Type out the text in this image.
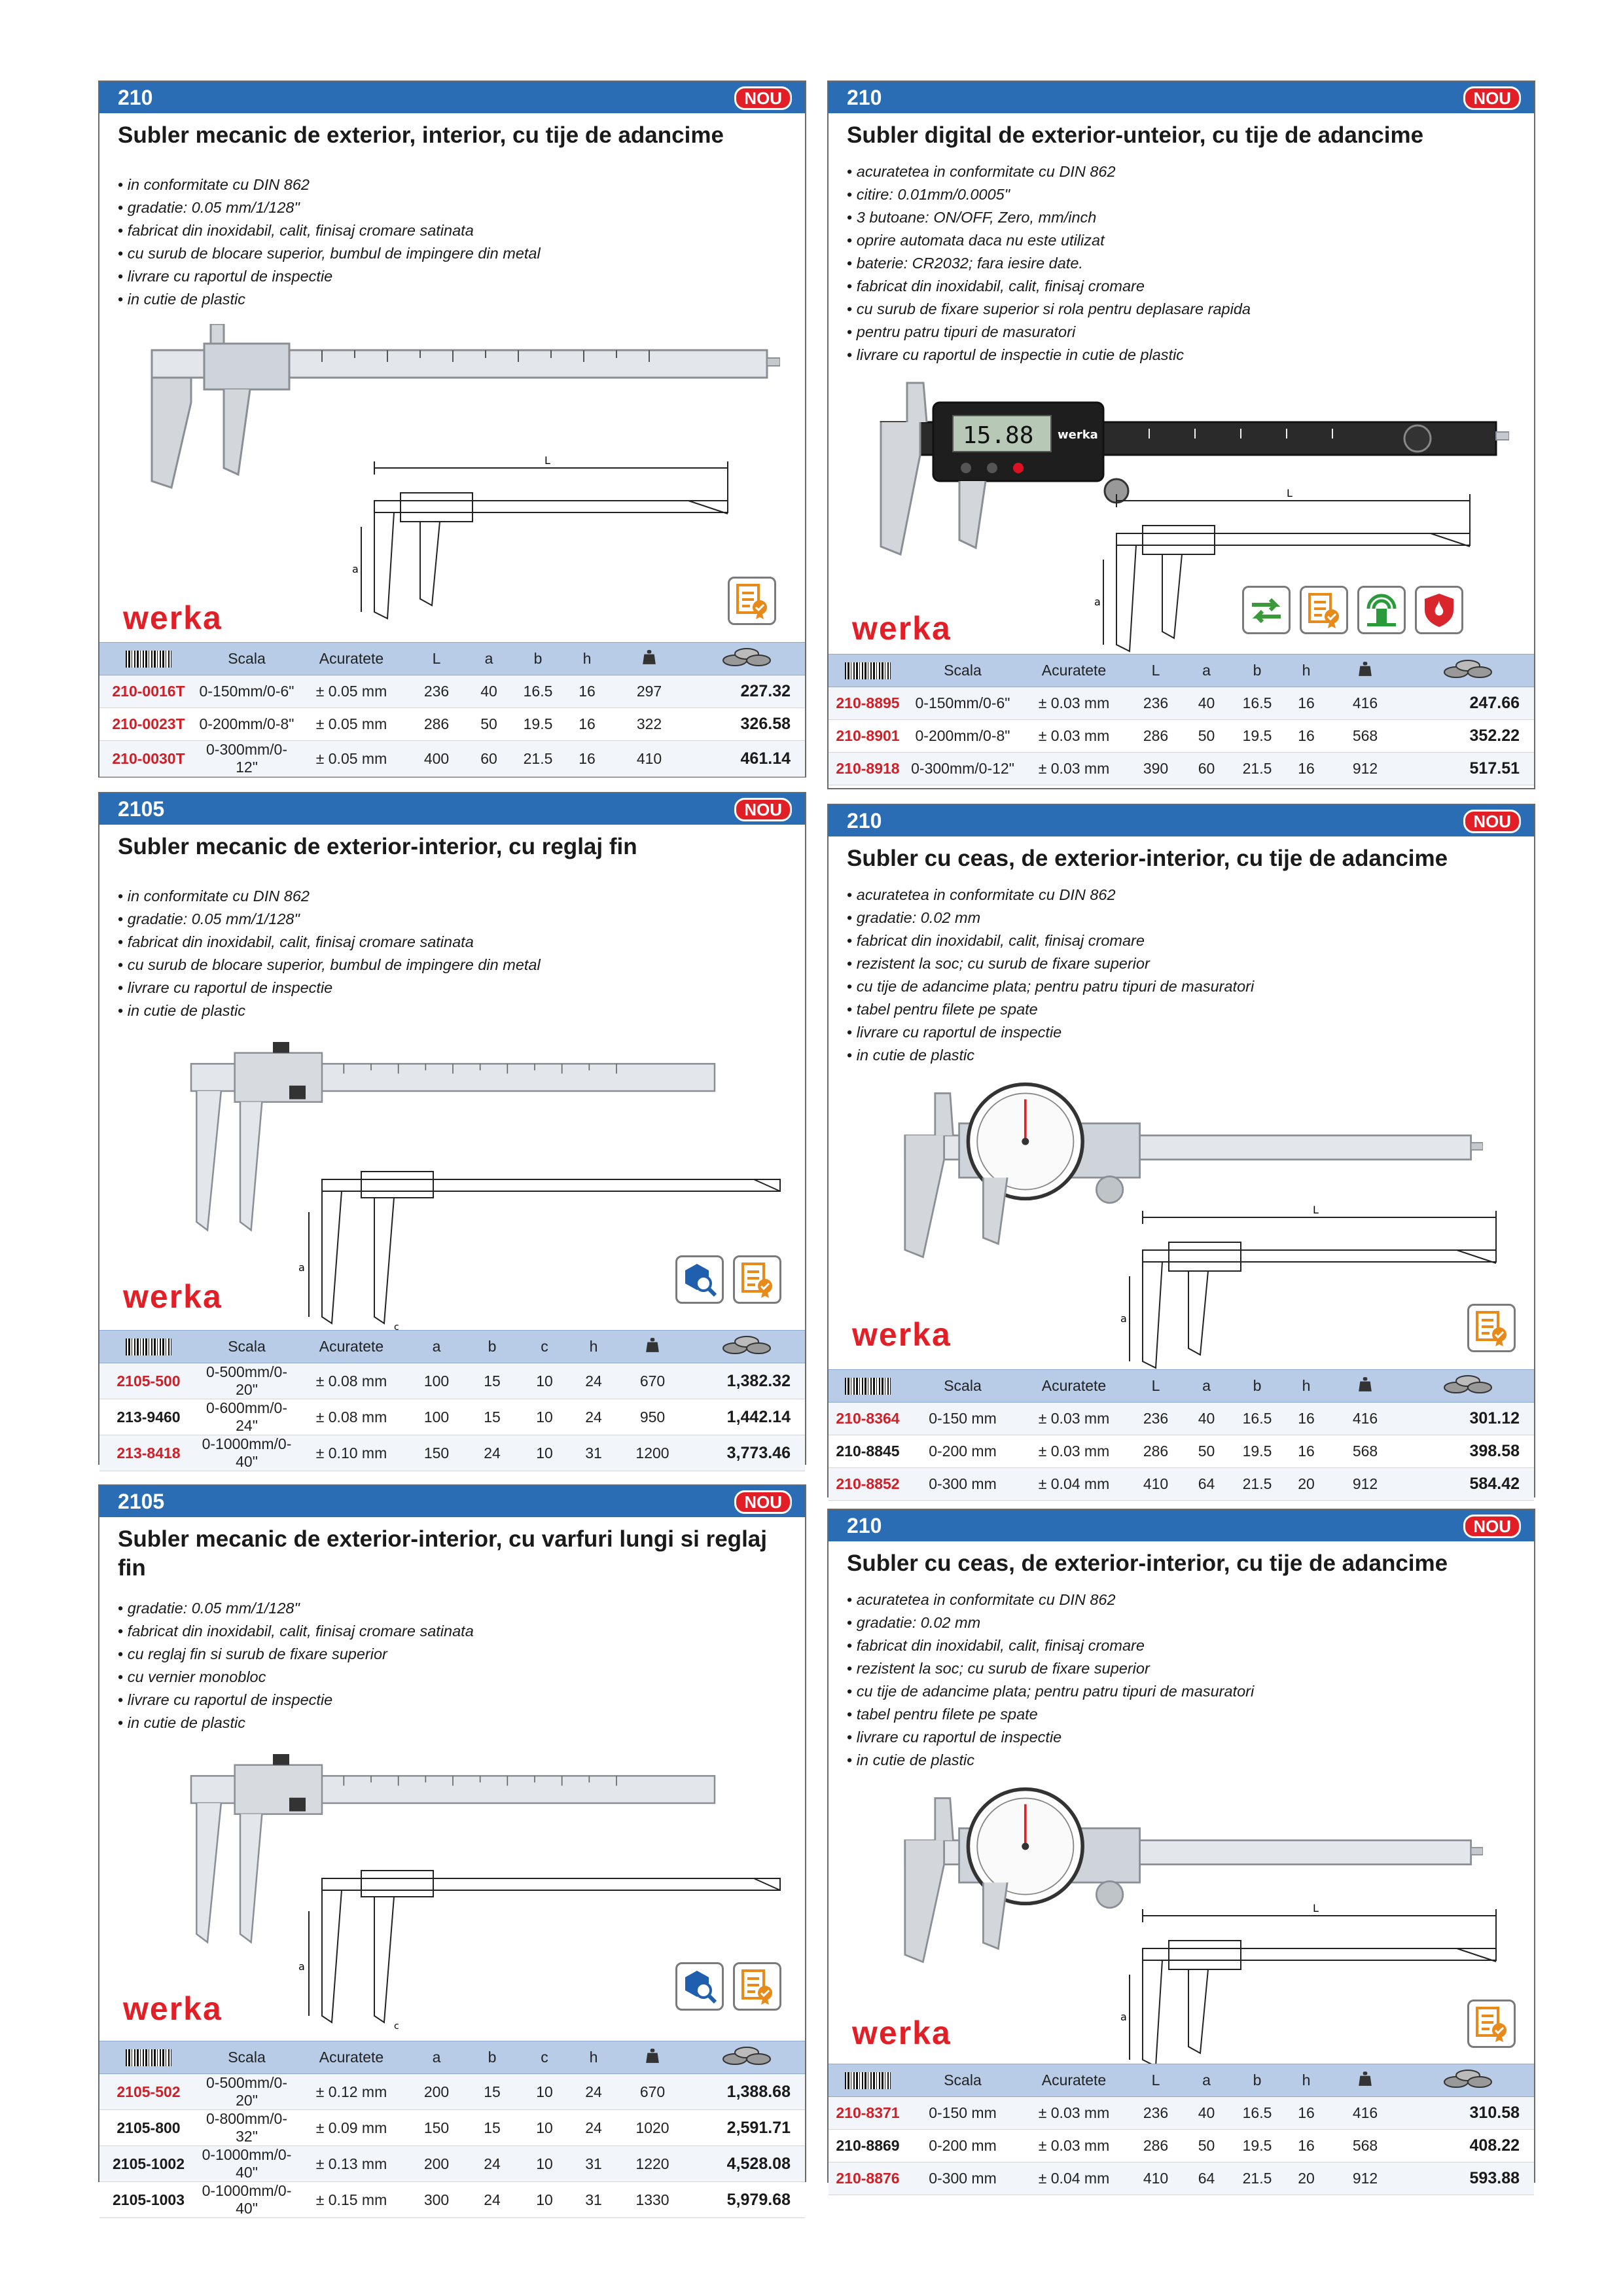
210	NOU
Subler mecanic de exterior, interior, cu tije de adancime
• in conformitate cu DIN 862
• gradatie: 0.05 mm/1/128"
• fabricat din inoxidabil, calit, finisaj cromare satinata
• cu surub de blocare superior, bumbul de impingere din metal
• livrare cu raportul de inspectie
• in cutie de plastic
werka
	Scala	Acuratete	L	a	b	h		
210-0016T	0-150mm/0-6"	± 0.05 mm	236	40	16.5	16	297	227.32
210-0023T	0-200mm/0-8"	± 0.05 mm	286	50	19.5	16	322	326.58
210-0030T	0-300mm/0-12"	± 0.05 mm	400	60	21.5	16	410	461.14
210	NOU
Subler digital de exterior-unteior, cu tije de adancime
• acuratetea in conformitate cu DIN 862
• citire: 0.01mm/0.0005"
• 3 butoane: ON/OFF, Zero, mm/inch
• oprire automata daca nu este utilizat
• baterie: CR2032; fara iesire date.
• fabricat din inoxidabil, calit, finisaj cromare
• cu surub de fixare superior si rola pentru deplasare rapida
• pentru patru tipuri de masuratori
• livrare cu raportul de inspectie in cutie de plastic
werka
	Scala	Acuratete	L	a	b	h		
210-8895	0-150mm/0-6"	± 0.03 mm	236	40	16.5	16	416	247.66
210-8901	0-200mm/0-8"	± 0.03 mm	286	50	19.5	16	568	352.22
210-8918	0-300mm/0-12"	± 0.03 mm	390	60	21.5	16	912	517.51
2105	NOU
Subler mecanic de exterior-interior, cu reglaj fin
• in conformitate cu DIN 862
• gradatie: 0.05 mm/1/128"
• fabricat din inoxidabil, calit, finisaj cromare satinata
• cu surub de blocare superior, bumbul de impingere din metal
• livrare cu raportul de inspectie
• in cutie de plastic
werka
	Scala	Acuratete	a	b	c	h		
2105-500	0-500mm/0-20"	± 0.08 mm	100	15	10	24	670	1,382.32
213-9460	0-600mm/0-24"	± 0.08 mm	100	15	10	24	950	1,442.14
213-8418	0-1000mm/0-40"	± 0.10 mm	150	24	10	31	1200	3,773.46
210	NOU
Subler cu ceas, de exterior-interior, cu tije de adancime
• acuratetea in conformitate cu DIN 862
• gradatie: 0.02 mm
• fabricat din inoxidabil, calit, finisaj cromare
• rezistent la soc; cu surub de fixare superior
• cu tije de adancime plata; pentru patru tipuri de masuratori
• tabel pentru filete pe spate
• livrare cu raportul de inspectie
• in cutie de plastic
werka
	Scala	Acuratete	L	a	b	h		
210-8364	0-150 mm	± 0.03 mm	236	40	16.5	16	416	301.12
210-8845	0-200 mm	± 0.03 mm	286	50	19.5	16	568	398.58
210-8852	0-300 mm	± 0.04 mm	410	64	21.5	20	912	584.42
2105	NOU
Subler mecanic de exterior-interior, cu varfuri lungi si reglaj fin
• gradatie: 0.05 mm/1/128"
• fabricat din inoxidabil, calit, finisaj cromare satinata
• cu reglaj fin si surub de fixare superior
• cu vernier monobloc
• livrare cu raportul de inspectie
• in cutie de plastic
werka
	Scala	Acuratete	a	b	c	h		
2105-502	0-500mm/0-20"	± 0.12 mm	200	15	10	24	670	1,388.68
2105-800	0-800mm/0-32"	± 0.09 mm	150	15	10	24	1020	2,591.71
2105-1002	0-1000mm/0-40"	± 0.13 mm	200	24	10	31	1220	4,528.08
2105-1003	0-1000mm/0-40"	± 0.15 mm	300	24	10	31	1330	5,979.68
210	NOU
Subler cu ceas, de exterior-interior, cu tije de adancime
• acuratetea in conformitate cu DIN 862
• gradatie: 0.02 mm
• fabricat din inoxidabil, calit, finisaj cromare
• rezistent la soc; cu surub de fixare superior
• cu tije de adancime plata; pentru patru tipuri de masuratori
• tabel pentru filete pe spate
• livrare cu raportul de inspectie
• in cutie de plastic
werka
	Scala	Acuratete	L	a	b	h		
210-8371	0-150 mm	± 0.03 mm	236	40	16.5	16	416	310.58
210-8869	0-200 mm	± 0.03 mm	286	50	19.5	16	568	408.22
210-8876	0-300 mm	± 0.04 mm	410	64	21.5	20	912	593.88
